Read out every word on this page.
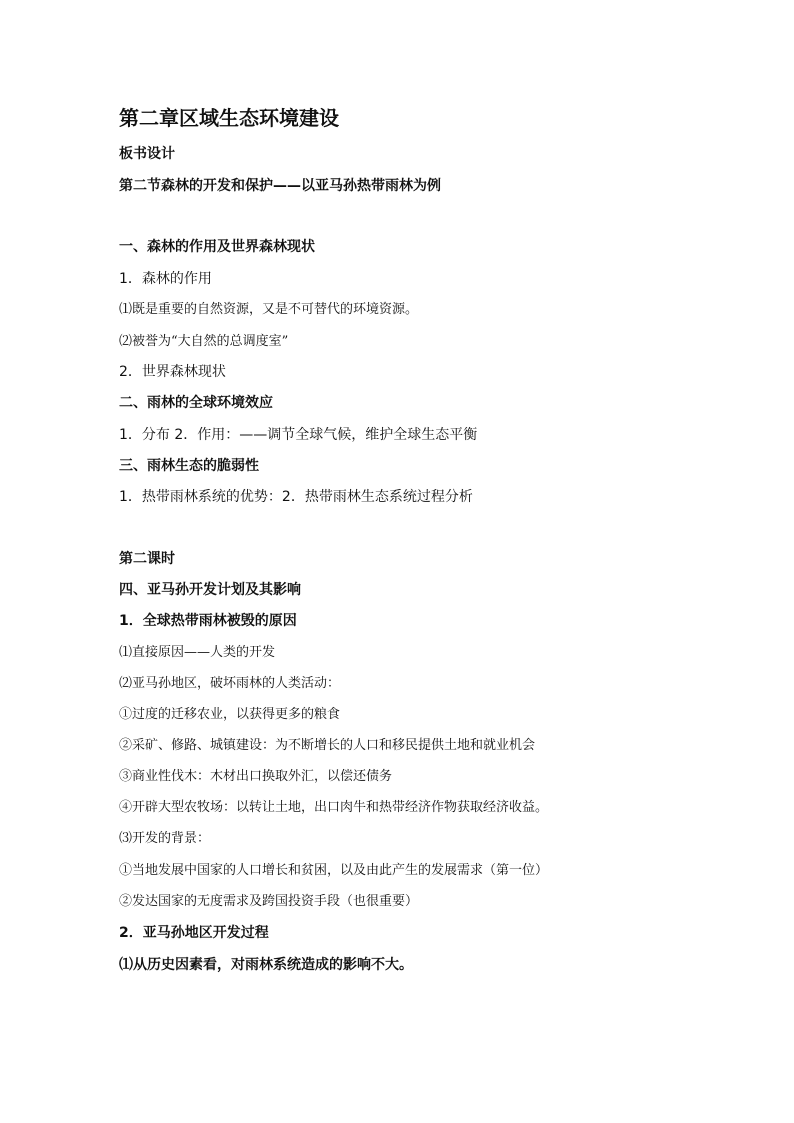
第二章区域生态环境建设
板书设计
第二节森林的开发和保护——以亚马孙热带雨林为例
一、森林的作用及世界森林现状
1．森林的作用
⑴既是重要的自然资源，又是不可替代的环境资源。
⑵被誉为“大自然的总调度室”
2．世界森林现状
二、雨林的全球环境效应
1．分布 2．作用：——调节全球气候，维护全球生态平衡
三、雨林生态的脆弱性
1．热带雨林系统的优势：2．热带雨林生态系统过程分析
第二课时
四、亚马孙开发计划及其影响
1．全球热带雨林被毁的原因
⑴直接原因——人类的开发
⑵亚马孙地区，破坏雨林的人类活动：
①过度的迁移农业，以获得更多的粮食
②采矿、修路、城镇建设：为不断增长的人口和移民提供土地和就业机会
③商业性伐木：木材出口换取外汇，以偿还债务
④开辟大型农牧场：以转让土地，出口肉牛和热带经济作物获取经济收益。
⑶开发的背景：
①当地发展中国家的人口增长和贫困，以及由此产生的发展需求（第一位）
②发达国家的无度需求及跨国投资手段（也很重要）
2．亚马孙地区开发过程
⑴从历史因素看，对雨林系统造成的影响不大。
